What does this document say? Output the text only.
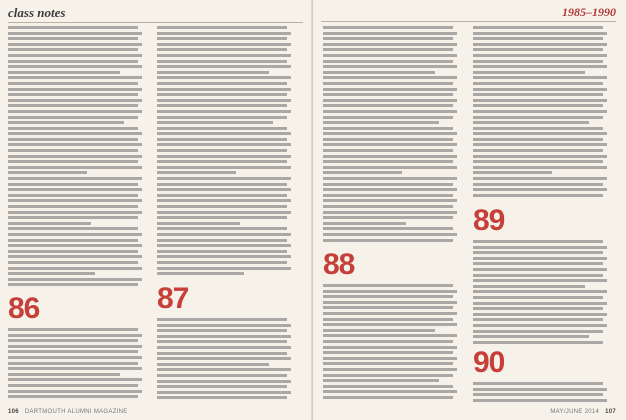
class notes
86	87
106 DARTMOUTH ALUMNI MAGAZINE
1985–1990
88
89
90
MAY/JUNE 2014 107
